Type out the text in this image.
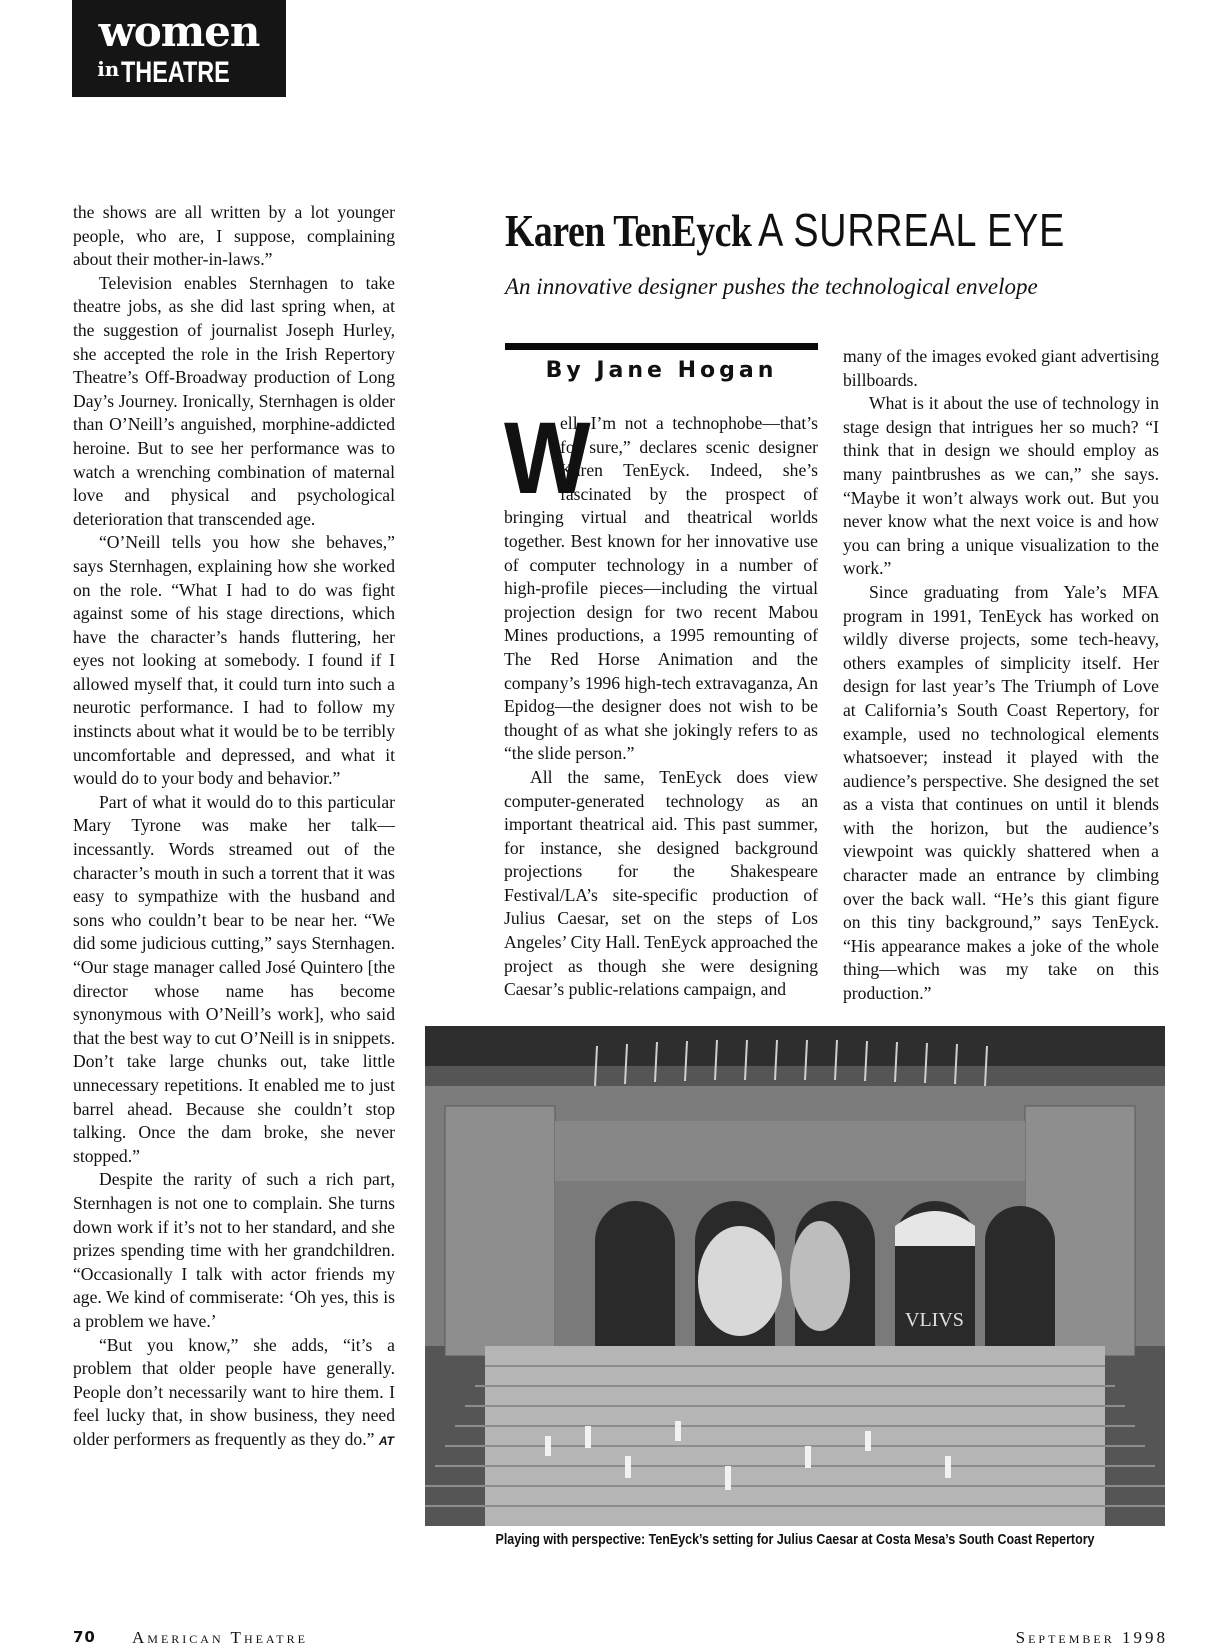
women
$^{in}$THEATRE

the shows are all written by a lot younger people, who are, I suppose, complaining about their mother-in-laws.”

Television enables Sternhagen to take theatre jobs, as she did last spring when, at the suggestion of journalist Joseph Hurley, she accepted the role in the Irish Repertory Theatre’s Off-Broadway production of Long Day’s Journey. Ironically, Sternhagen is older than O’Neill’s anguished, morphine-addicted heroine. But to see her performance was to watch a wrenching combination of maternal love and physical and psychological deterioration that transcended age.

“O’Neill tells you how she behaves,” says Sternhagen, explaining how she worked on the role. “What I had to do was fight against some of his stage directions, which have the character’s hands fluttering, her eyes not looking at somebody. I found if I allowed myself that, it could turn into such a neurotic performance. I had to follow my instincts about what it would be to be terribly uncomfortable and depressed, and what it would do to your body and behavior.”

Part of what it would do to this particular Mary Tyrone was make her talk—incessantly. Words streamed out of the character’s mouth in such a torrent that it was easy to sympathize with the husband and sons who couldn’t bear to be near her. “We did some judicious cutting,” says Sternhagen. “Our stage manager called José Quintero [the director whose name has become synonymous with O’Neill’s work], who said that the best way to cut O’Neill is in snippets. Don’t take large chunks out, take little unnecessary repetitions. It enabled me to just barrel ahead. Because she couldn’t stop talking. Once the dam broke, she never stopped.”

Despite the rarity of such a rich part, Sternhagen is not one to complain. She turns down work if it’s not to her standard, and she prizes spending time with her grandchildren. “Occasionally I talk with actor friends my age. We kind of commiserate: ‘Oh yes, this is a problem we have.’

“But you know,” she adds, “it’s a problem that older people have generally. People don’t necessarily want to hire them. I feel lucky that, in show business, they need older performers as frequently as they do.” AT

Karen TenEyck A SURREAL EYE
An innovative designer pushes the technological envelope
By Jane Hogan

W
ell, I’m not a technophobe—that’s for sure,” declares scenic designer Karen TenEyck. Indeed, she’s fascinated by the prospect of bringing virtual and theatrical worlds together. Best known for her innovative use of computer technology in a number of high-profile pieces—including the virtual projection design for two recent Mabou Mines productions, a 1995 remounting of The Red Horse Animation and the company’s 1996 high-tech extravaganza, An Epidog—the designer does not wish to be thought of as what she jokingly refers to as “the slide person.”

All the same, TenEyck does view computer-generated technology as an important theatrical aid. This past summer, for instance, she designed background projections for the Shakespeare Festival/LA’s site-specific production of Julius Caesar, set on the steps of Los Angeles’ City Hall. TenEyck approached the project as though she were designing Caesar’s public-relations campaign, and

many of the images evoked giant advertising billboards.

What is it about the use of technology in stage design that intrigues her so much? “I think that in design we should employ as many paintbrushes as we can,” she says. “Maybe it won’t always work out. But you never know what the next voice is and how you can bring a unique visualization to the work.”

Since graduating from Yale’s MFA program in 1991, TenEyck has worked on wildly diverse projects, some tech-heavy, others examples of simplicity itself. Her design for last year’s The Triumph of Love at California’s South Coast Repertory, for example, used no technological elements whatsoever; instead it played with the audience’s perspective. She designed the set as a vista that continues on until it blends with the horizon, but the audience’s viewpoint was quickly shattered when a character made an entrance by climbing over the back wall. “He’s this giant figure on this tiny background,” says TenEyck. “His appearance makes a joke of the whole thing—which was my take on this production.”

VLIVS
Playing with perspective: TenEyck’s setting for Julius Caesar at Costa Mesa’s South Coast Repertory
70 American Theatre	September 1998
